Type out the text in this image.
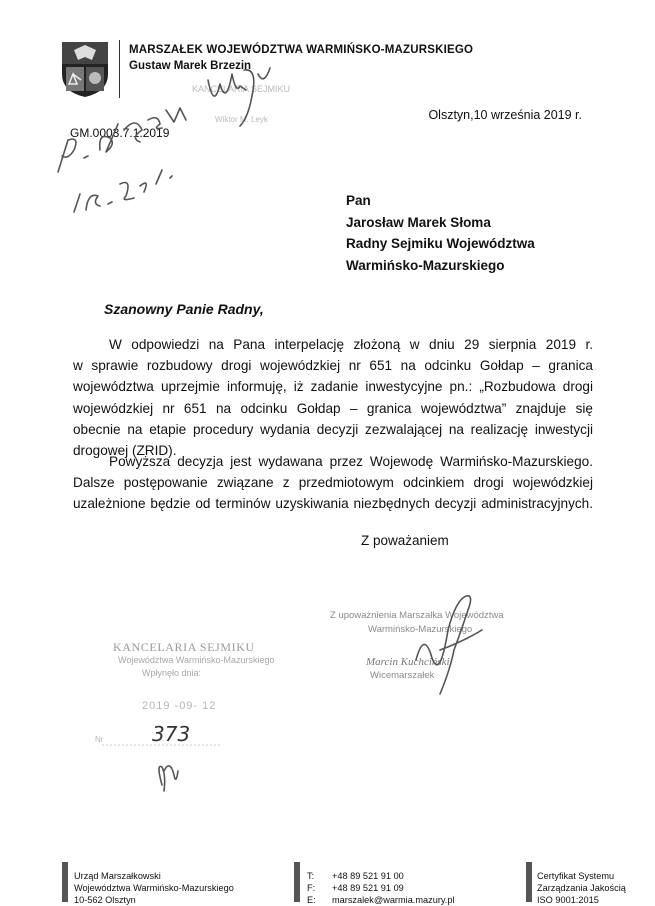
MARSZAŁEK WOJEWÓDZTWA WARMIŃSKO-MAZURSKIEGO
Gustaw Marek Brzezin
KANCELARIA SEJMIKU
Wiktor M. Leyk	Olsztyn,10 września 2019 r.
GM.0003.7.1.2019
Pan
Jarosław Marek Słoma
Radny Sejmiku Województwa
Warmińsko-Mazurskiego
Szanowny Panie Radny,
W odpowiedzi na Pana interpelację złożoną w dniu 29 sierpnia 2019 r.
w sprawie rozbudowy drogi wojewódzkiej nr 651 na odcinku Gołdap – granica
województwa uprzejmie informuję, iż zadanie inwestycyjne pn.: „Rozbudowa drogi
wojewódzkiej nr 651 na odcinku Gołdap – granica województwa” znajduje się
obecnie na etapie procedury wydania decyzji zezwalającej na realizację inwestycji
drogowej (ZRID).
Powyższa decyzja jest wydawana przez Wojewodę Warmińsko-Mazurskiego.
Dalsze postępowanie związane z przedmiotowym odcinkiem drogi wojewódzkiej
uzależnione będzie od terminów uzyskiwania niezbędnych decyzji administracyjnych.
Z poważaniem
Z upoważnienia Marszałka Województwa
Warmińsko-Mazurskiego
Marcin Kuchciński
Wicemarszałek
KANCELARIA SEJMIKU
Województwa Warmińsko-Mazurskiego
Wpłynęło dnia:
2019 -09- 12
Nr 373
Urząd Marszałkowski
Województwa Warmińsko-Mazurskiego
10-562 Olsztyn
T: +48 89 521 91 00
F: +48 89 521 91 09
E: marszalek@warmia.mazury.pl
Certyfikat Systemu
Zarządzania Jakością
ISO 9001:2015
